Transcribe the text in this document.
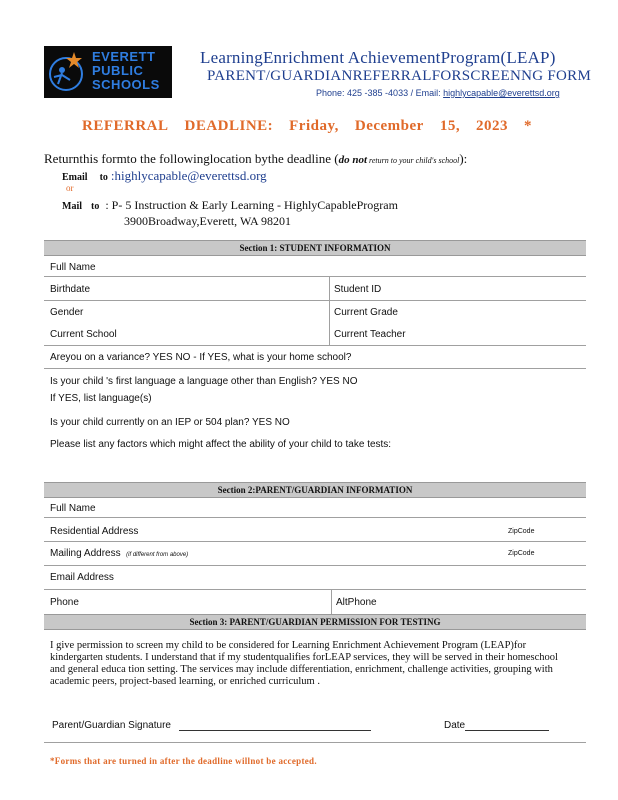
EVERETT
PUBLIC
SCHOOLS
LearningEnrichment AchievementProgram(LEAP)
PARENT/GUARDIANREFERRALFORSCREENNG FORM
Phone: 425 -385 -4033 / Email: highlycapable@everettsd.org
REFERRAL DEADLINE: Friday, December 15, 2023 *
Returnthis formto the followinglocation bythe deadline (do not return to your child's school):
Email to :highlycapable@everettsd.org
or
Mail to : P- 5 Instruction & Early Learning - HighlyCapableProgram
3900Broadway,Everett, WA 98201
Section 1: STUDENT INFORMATION
Full Name
Birthdate	Student ID
Gender	Current Grade
Current School	Current Teacher
Areyou on a variance? YES NO - If YES, what is your home school?
Is your child 's first language a language other than English? YES NO
If YES, list language(s)
Is your child currently on an IEP or 504 plan? YES NO
Please list any factors which might affect the ability of your child to take tests:
Section 2:PARENT/GUARDIAN INFORMATION
Full Name
Residential Address	ZipCode
Mailing Address (if different from above)	ZipCode
Email Address
Phone	AltPhone
Section 3: PARENT/GUARDIAN PERMISSION FOR TESTING
I give permission to screen my child to be considered for Learning Enrichment Achievement Program (LEAP)for kindergarten students. I understand that if my studentqualifies forLEAP services, they will be served in their homeschool and general educa tion setting. The services may include differentiation, enrichment, challenge activities, grouping with academic peers, project-based learning, or enriched curriculum .
Parent/Guardian Signature	Date
*Forms that are turned in after the deadline willnot be accepted.
